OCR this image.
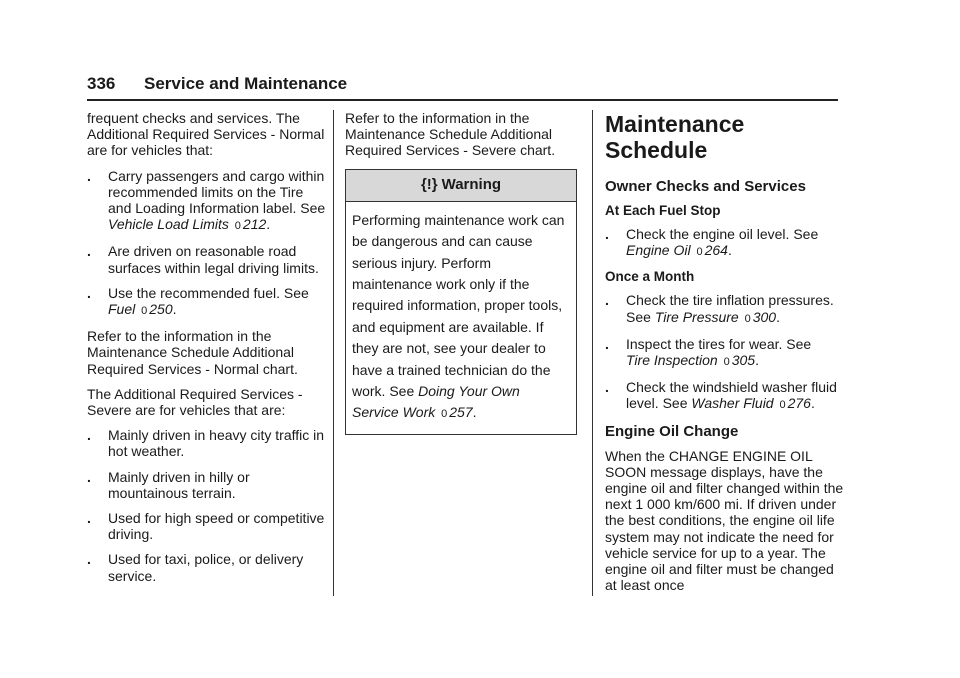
336 Service and Maintenance

frequent checks and services. The Additional Required Services - Normal are for vehicles that:

. Carry passengers and cargo within recommended limits on the Tire and Loading Information label. See Vehicle Load Limits 0 212.
. Are driven on reasonable road surfaces within legal driving limits.
. Use the recommended fuel. See
Fuel 0 250.

Refer to the information in the Maintenance Schedule Additional Required Services - Normal chart.

The Additional Required Services - Severe are for vehicles that are:

. Mainly driven in heavy city traffic in hot weather.
. Mainly driven in hilly or mountainous terrain.
. Used for high speed or competitive driving.
. Used for taxi, police, or delivery service.

Refer to the information in the Maintenance Schedule Additional Required Services - Severe chart.

{!} Warning
Performing maintenance work can be dangerous and can cause serious injury. Perform maintenance work only if the required information, proper tools, and equipment are available. If they are not, see your dealer to have a trained technician do the work. See Doing Your Own Service Work 0 257.
Maintenance Schedule
Owner Checks and Services
At Each Fuel Stop
. Check the engine oil level. See
Engine Oil 0 264.
Once a Month
. Check the tire inflation pressures. See Tire Pressure 0 300.
. Inspect the tires for wear. See
Tire Inspection 0 305.
. Check the windshield washer fluid level. See Washer Fluid 0 276.
Engine Oil Change

When the CHANGE ENGINE OIL SOON message displays, have the engine oil and filter changed within the next 1 000 km/600 mi. If driven under the best conditions, the engine oil life system may not indicate the need for vehicle service for up to a year. The engine oil and filter must be changed at least once
